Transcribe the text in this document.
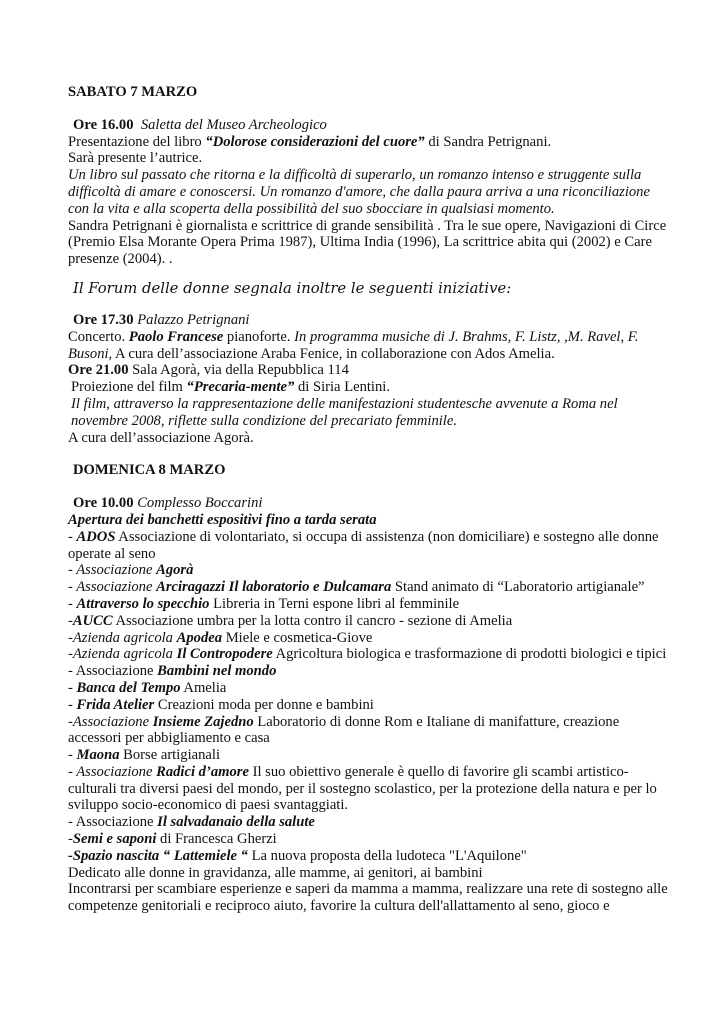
SABATO 7 MARZO

Ore 16.00 Saletta del Museo Archeologico

Presentazione del libro “Dolorose considerazioni del cuore” di Sandra Petrignani.

Sarà presente l’autrice.

Un libro sul passato che ritorna e la difficoltà di superarlo, un romanzo intenso e struggente sulla difficoltà di amare e conoscersi. Un romanzo d'amore, che dalla paura arriva a una riconciliazione con la vita e alla scoperta della possibilità del suo sbocciare in qualsiasi momento.

Sandra Petrignani è giornalista e scrittrice di grande sensibilità . Tra le sue opere, Navigazioni di Circe (Premio Elsa Morante Opera Prima 1987), Ultima India (1996), La scrittrice abita qui (2002) e Care presenze (2004). .

Il Forum delle donne segnala inoltre le seguenti iniziative:

Ore 17.30 Palazzo Petrignani

Concerto. Paolo Francese pianoforte. In programma musiche di J. Brahms, F. Listz, ,M. Ravel, F. Busoni, A cura dell’associazione Araba Fenice, in collaborazione con Ados Amelia.

Ore 21.00 Sala Agorà, via della Repubblica 114

Proiezione del film “Precaria-mente” di Siria Lentini.

Il film, attraverso la rappresentazione delle manifestazioni studentesche avvenute a Roma nel novembre 2008, riflette sulla condizione del precariato femminile.

A cura dell’associazione Agorà.

DOMENICA 8 MARZO

Ore 10.00 Complesso Boccarini

Apertura dei banchetti espositivi fino a tarda serata

- ADOS Associazione di volontariato, si occupa di assistenza (non domiciliare) e sostegno alle donne operate al seno

- Associazione Agorà

- Associazione Arciragazzi Il laboratorio e Dulcamara Stand animato di “Laboratorio artigianale”

- Attraverso lo specchio Libreria in Terni espone libri al femminile

-AUCC Associazione umbra per la lotta contro il cancro - sezione di Amelia

-Azienda agricola Apodea Miele e cosmetica-Giove

-Azienda agricola Il Contropodere Agricoltura biologica e trasformazione di prodotti biologici e tipici

- Associazione Bambini nel mondo

- Banca del Tempo Amelia

- Frida Atelier Creazioni moda per donne e bambini

-Associazione Insieme Zajedno Laboratorio di donne Rom e Italiane di manifatture, creazione accessori per abbigliamento e casa

- Maona Borse artigianali

- Associazione Radici d’amore Il suo obiettivo generale è quello di favorire gli scambi artistico-culturali tra diversi paesi del mondo, per il sostegno scolastico, per la protezione della natura e per lo sviluppo socio-economico di paesi svantaggiati.

- Associazione Il salvadanaio della salute

-Semi e saponi di Francesca Gherzi

-Spazio nascita “ Lattemiele “ La nuova proposta della ludoteca "L'Aquilone"

Dedicato alle donne in gravidanza, alle mamme, ai genitori, ai bambini

Incontrarsi per scambiare esperienze e saperi da mamma a mamma, realizzare una rete di sostegno alle competenze genitoriali e reciproco aiuto, favorire la cultura dell'allattamento al seno, gioco e
